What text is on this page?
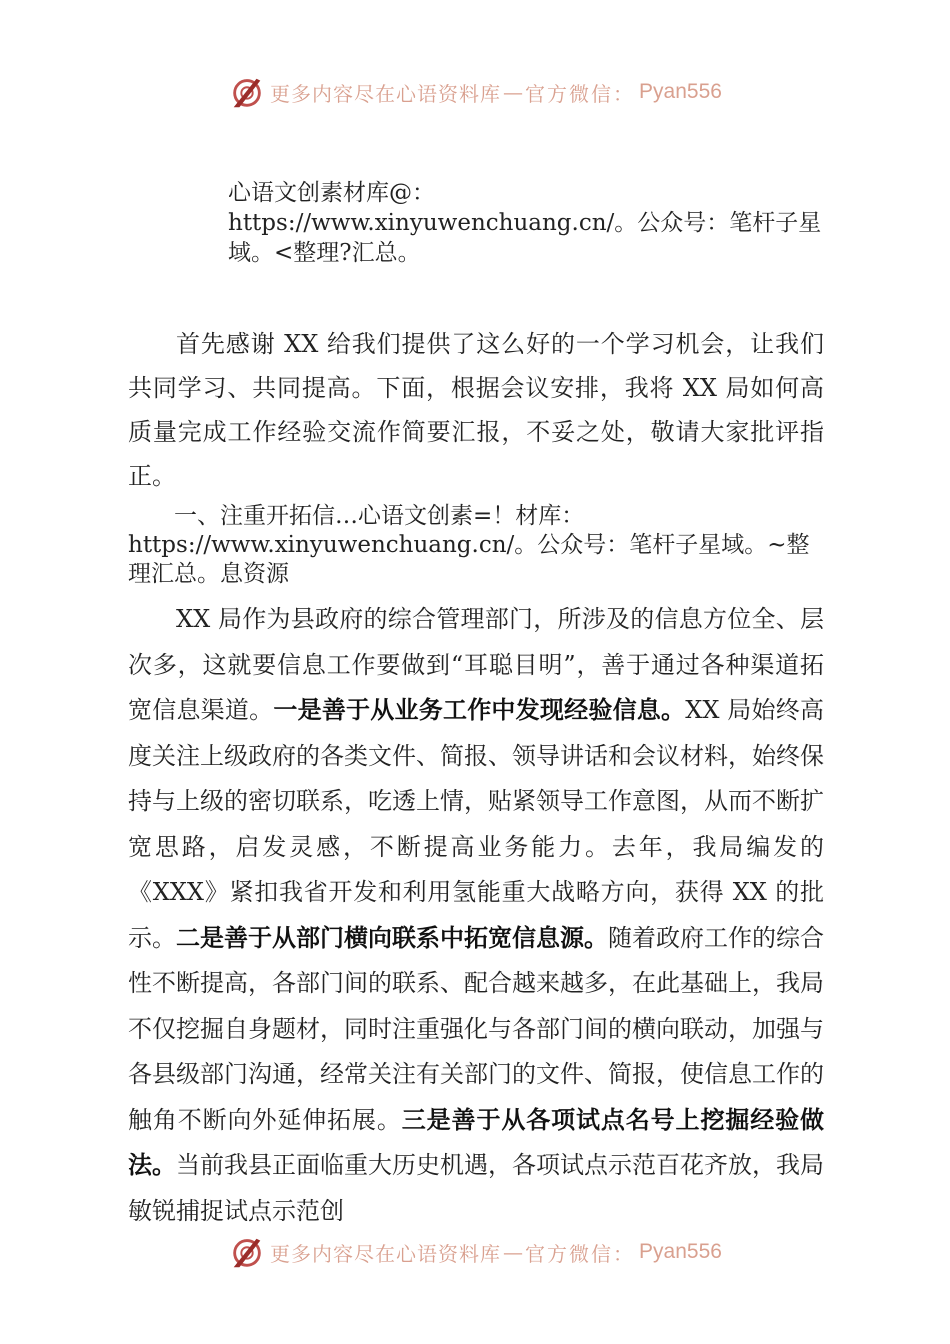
更多内容尽在心语资料库 — 官方微信： Pyan556
心语文创素材库@：https://www.xinyuwenchuang.cn/。公众号：笔杆子星域。<整理?汇总。

首先感谢 XX 给我们提供了这么好的一个学习机会，让我们共同学习、共同提高。下面，根据会议安排，我将 XX 局如何高质量完成工作经验交流作简要汇报，不妥之处，敬请大家批评指正。

一、注重开拓信…心语文创素=！材库：https://www.xinyuwenchuang.cn/。公众号：笔杆子星域。~整理汇总。息资源

XX 局作为县政府的综合管理部门，所涉及的信息方位全、层次多，这就要信息工作要做到“耳聪目明”，善于通过各种渠道拓宽信息渠道。一是善于从业务工作中发现经验信息。XX 局始终高度关注上级政府的各类文件、简报、领导讲话和会议材料，始终保持与上级的密切联系，吃透上情，贴紧领导工作意图，从而不断扩宽思路，启发灵感，不断提高业务能力。去年，我局编发的《XXX》紧扣我省开发和利用氢能重大战略方向，获得 XX 的批示。二是善于从部门横向联系中拓宽信息源。随着政府工作的综合性不断提高，各部门间的联系、配合越来越多，在此基础上，我局不仅挖掘自身题材，同时注重强化与各部门间的横向联动，加强与各县级部门沟通，经常关注有关部门的文件、简报，使信息工作的触角不断向外延伸拓展。三是善于从各项试点名号上挖掘经验做法。当前我县正面临重大历史机遇，各项试点示范百花齐放，我局敏锐捕捉试点示范创

更多内容尽在心语资料库 — 官方微信： Pyan556
